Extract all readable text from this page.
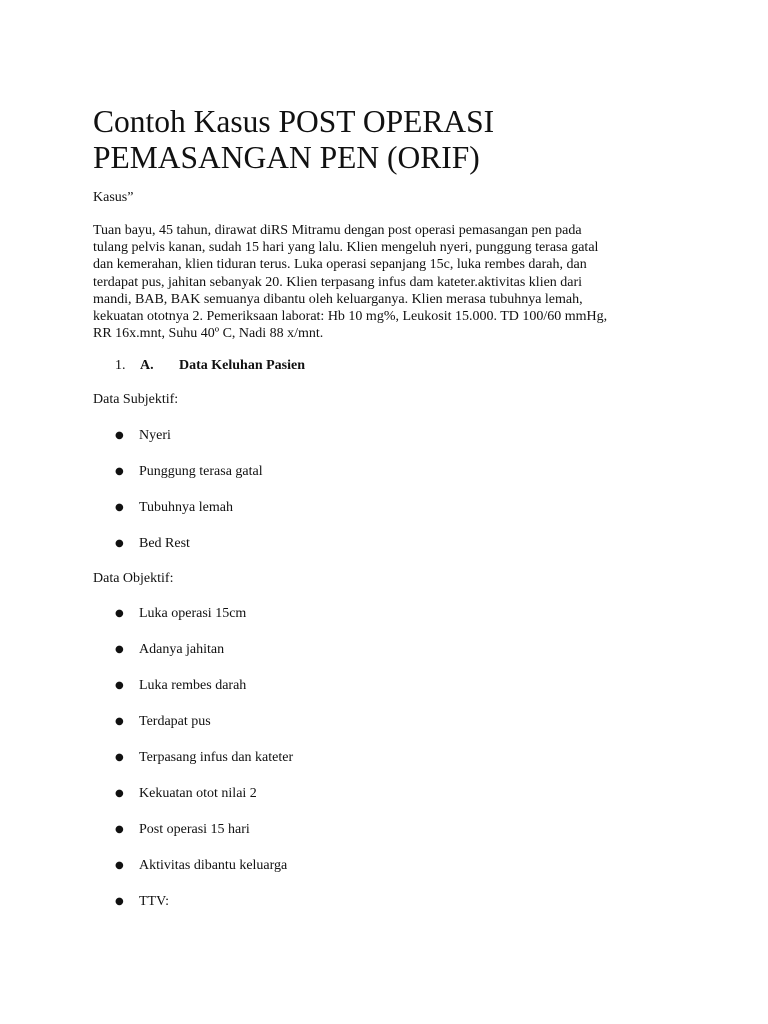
Contoh Kasus POST OPERASI
PEMASANGAN PEN (ORIF)

Kasus”

Tuan bayu, 45 tahun, dirawat diRS Mitramu dengan post operasi pemasangan pen pada
tulang pelvis kanan, sudah 15 hari yang lalu. Klien mengeluh nyeri, punggung terasa gatal
dan kemerahan, klien tiduran terus. Luka operasi sepanjang 15c, luka rembes darah, dan
terdapat pus, jahitan sebanyak 20. Klien terpasang infus dam kateter.aktivitas klien dari
mandi, BAB, BAK semuanya dibantu oleh keluarganya. Klien merasa tubuhnya lemah,
kekuatan ototnya 2. Pemeriksaan laborat: Hb 10 mg%, Leukosit 15.000. TD 100/60 mmHg,
RR 16x.mnt, Suhu 40º C, Nadi 88 x/mnt.

1. A. Data Keluhan Pasien

Data Subjektif:

● Nyeri
● Punggung terasa gatal
● Tubuhnya lemah
● Bed Rest

Data Objektif:

● Luka operasi 15cm
● Adanya jahitan
● Luka rembes darah
● Terdapat pus
● Terpasang infus dan kateter
● Kekuatan otot nilai 2
● Post operasi 15 hari
● Aktivitas dibantu keluarga
● TTV:
